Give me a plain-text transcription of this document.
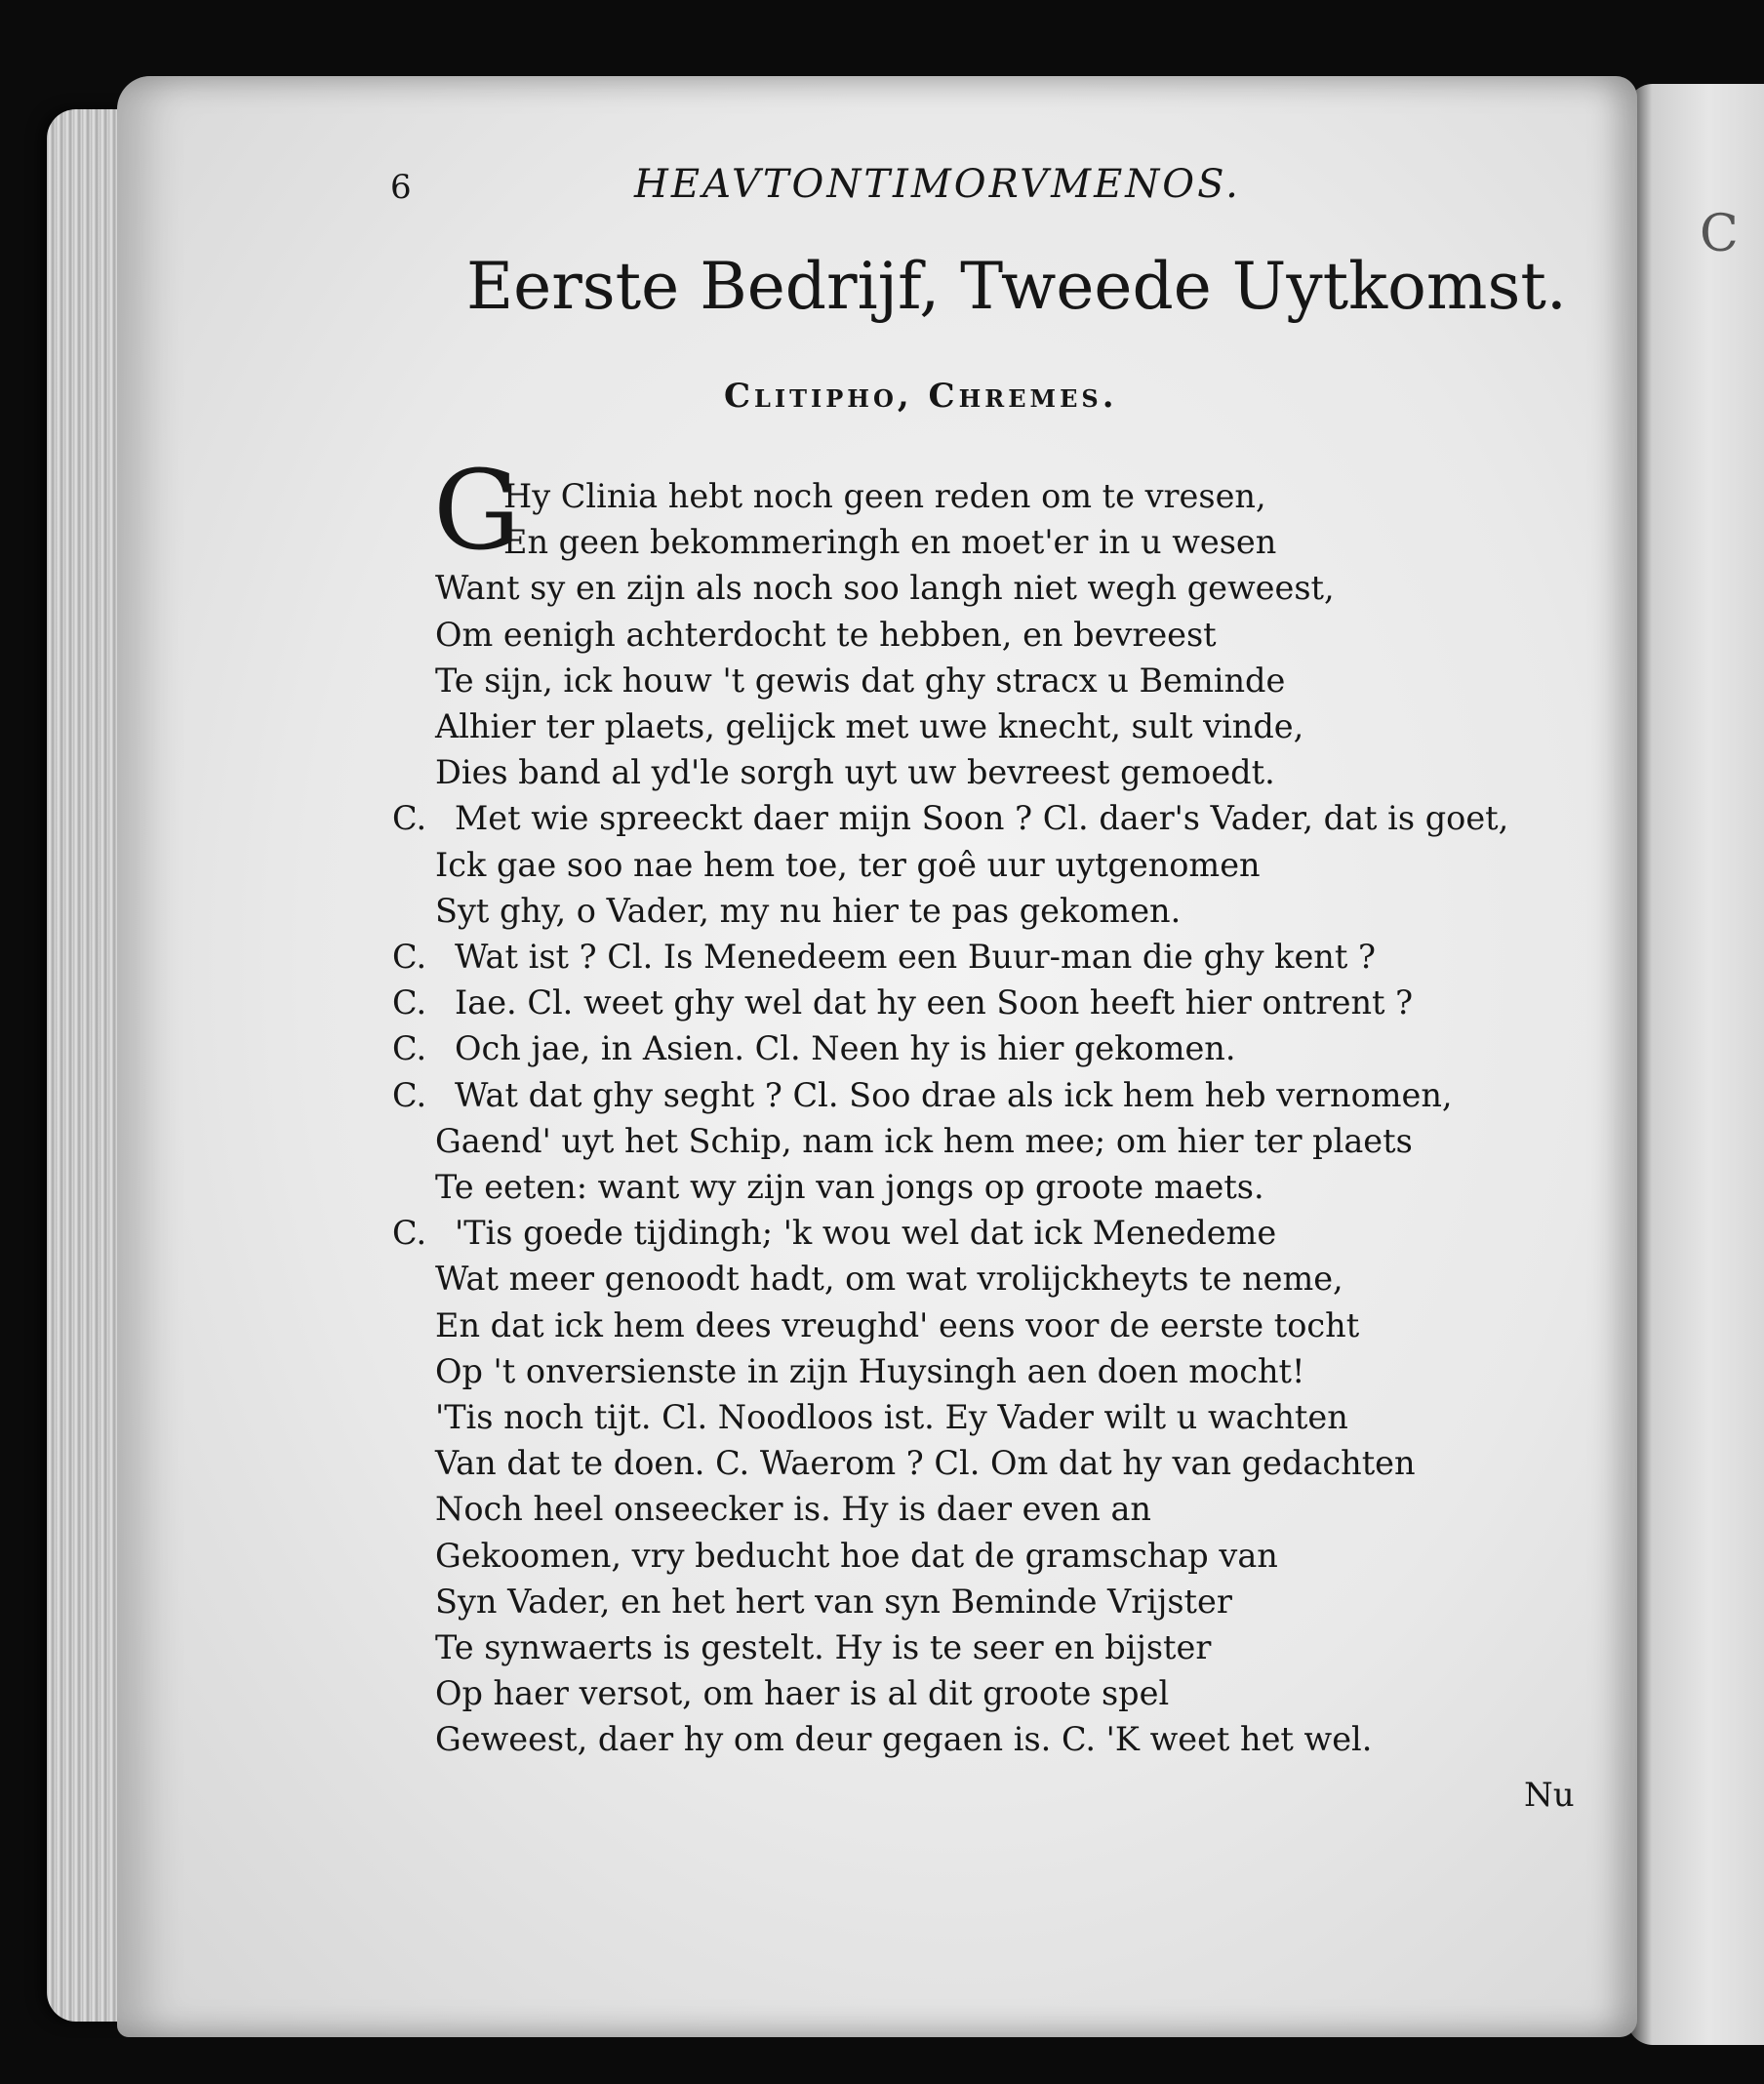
C
6	HEAVTONTIMORVMENOS.
Eerste Bedrijf, Tweede Uytkomst.
Clitipho, Chremes.
G
Hy Clinia hebt noch geen reden om te vresen,
En geen bekommeringh en moet'er in u wesen
Want sy en zijn als noch soo langh niet wegh geweest,
Om eenigh achterdocht te hebben, en bevreest
Te sijn, ick houw 't gewis dat ghy stracx u Beminde
Alhier ter plaets, gelijck met uwe knecht, sult vinde,
Dies band al yd'le sorgh uyt uw bevreest gemoedt.
C. Met wie spreeckt daer mijn Soon ? Cl. daer's Vader, dat is goet,
Ick gae soo nae hem toe, ter goê uur uytgenomen
Syt ghy, o Vader, my nu hier te pas gekomen.
C. Wat ist ? Cl. Is Menedeem een Buur-man die ghy kent ?
C. Iae. Cl. weet ghy wel dat hy een Soon heeft hier ontrent ?
C. Och jae, in Asien. Cl. Neen hy is hier gekomen.
C. Wat dat ghy seght ? Cl. Soo drae als ick hem heb vernomen,
Gaend' uyt het Schip, nam ick hem mee; om hier ter plaets
Te eeten: want wy zijn van jongs op groote maets.
C. 'Tis goede tijdingh; 'k wou wel dat ick Menedeme
Wat meer genoodt hadt, om wat vrolijckheyts te neme,
En dat ick hem dees vreughd' eens voor de eerste tocht
Op 't onversienste in zijn Huysingh aen doen mocht!
'Tis noch tijt. Cl. Noodloos ist. Ey Vader wilt u wachten
Van dat te doen. C. Waerom ? Cl. Om dat hy van gedachten
Noch heel onseecker is. Hy is daer even an
Gekoomen, vry beducht hoe dat de gramschap van
Syn Vader, en het hert van syn Beminde Vrijster
Te synwaerts is gestelt. Hy is te seer en bijster
Op haer versot, om haer is al dit groote spel
Geweest, daer hy om deur gegaen is. C. 'K weet het wel.
Nu
